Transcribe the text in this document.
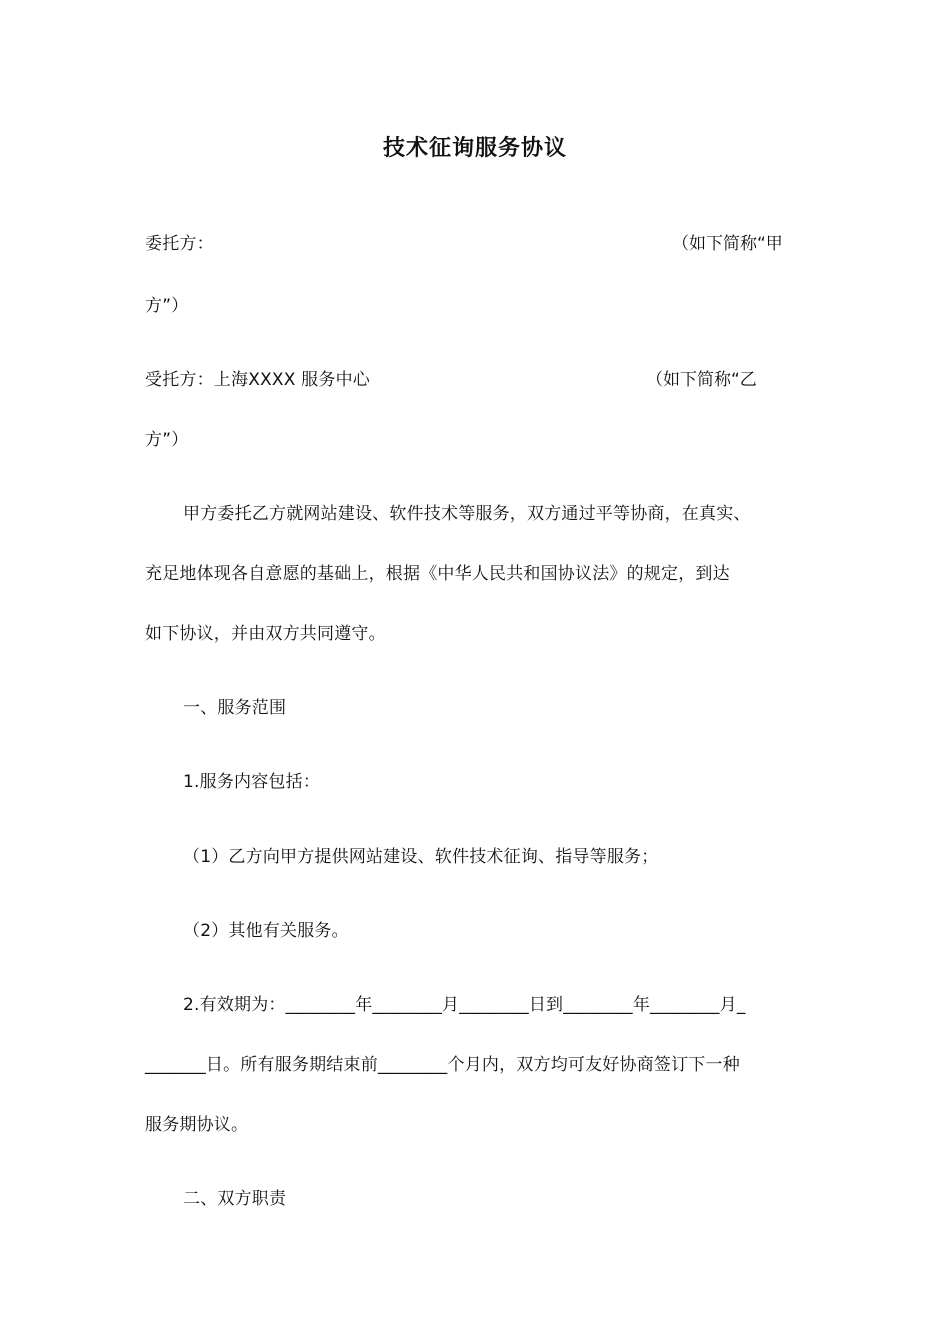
技术征询服务协议
委托方：	（如下简称“甲
方”）
受托方：上海XXXX 服务中心	（如下简称“乙
方”）
甲方委托乙方就网站建设、软件技术等服务，双方通过平等协商，在真实、
充足地体现各自意愿的基础上，根据《中华人民共和国协议法》的规定，到达
如下协议，并由双方共同遵守。
一、服务范围
1.服务内容包括：
（1）乙方向甲方提供网站建设、软件技术征询、指导等服务；
（2）其他有关服务。
2.有效期为：________年________月________日到________年________月_
_______日。所有服务期结束前________个月内，双方均可友好协商签订下一种
服务期协议。
二、双方职责
